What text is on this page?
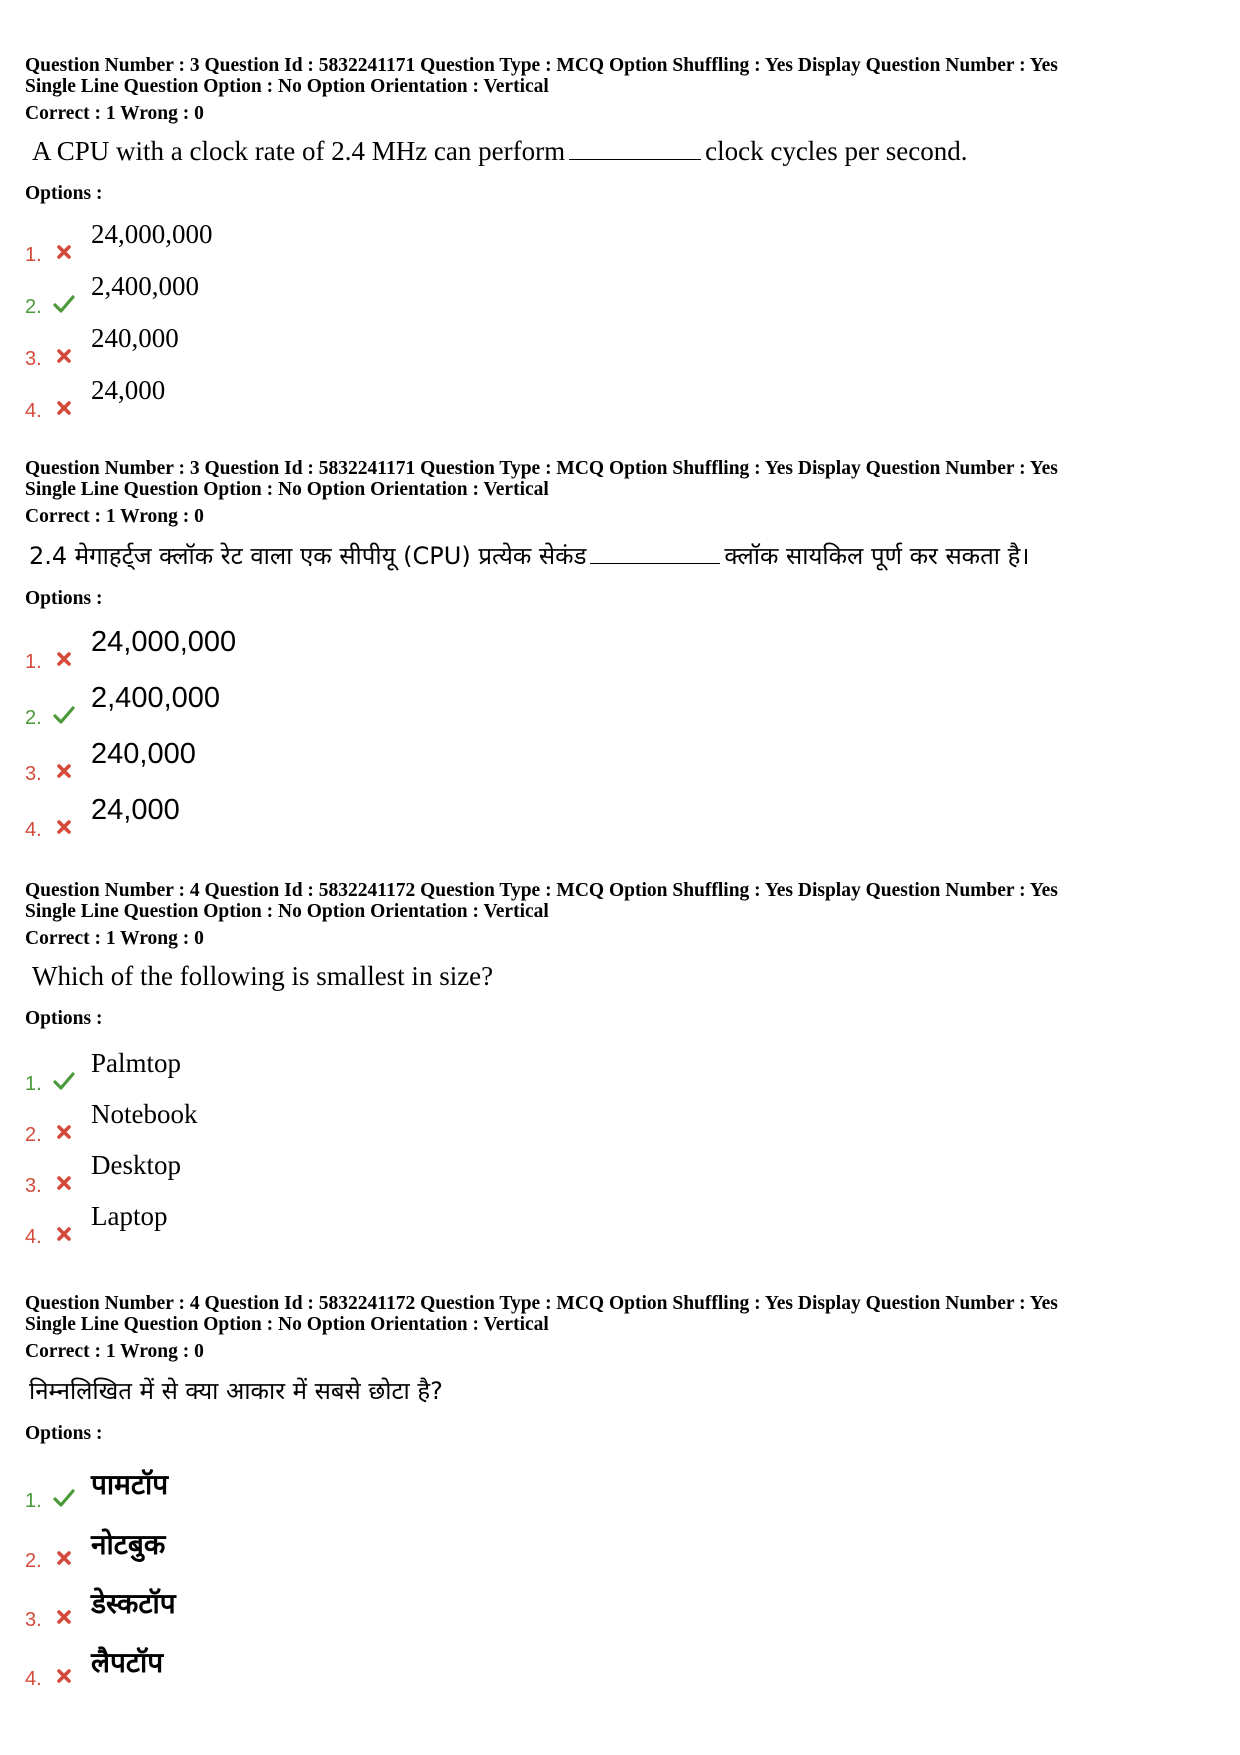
Question Number : 3 Question Id : 5832241171 Question Type : MCQ Option Shuffling : Yes Display Question Number : Yes
Single Line Question Option : No Option Orientation : Vertical
Correct : 1 Wrong : 0
A CPU with a clock rate of 2.4 MHz can perform	clock cycles per second.
Options :
1.
24,000,000
2.
2,400,000
3.
240,000
4.
24,000
Question Number : 3 Question Id : 5832241171 Question Type : MCQ Option Shuffling : Yes Display Question Number : Yes
Single Line Question Option : No Option Orientation : Vertical
Correct : 1 Wrong : 0
2.4 मेगाहर्ट्ज क्लॉक रेट वाला एक सीपीयू (CPU) प्रत्येक सेकंड	क्लॉक सायकिल पूर्ण कर सकता है।
Options :
1.
24,000,000
2.
2,400,000
3.
240,000
4.
24,000
Question Number : 4 Question Id : 5832241172 Question Type : MCQ Option Shuffling : Yes Display Question Number : Yes
Single Line Question Option : No Option Orientation : Vertical
Correct : 1 Wrong : 0
Which of the following is smallest in size?
Options :
1.
Palmtop
2.
Notebook
3.
Desktop
4.
Laptop
Question Number : 4 Question Id : 5832241172 Question Type : MCQ Option Shuffling : Yes Display Question Number : Yes
Single Line Question Option : No Option Orientation : Vertical
Correct : 1 Wrong : 0
निम्नलिखित में से क्या आकार में सबसे छोटा है?
Options :
1. पामटॉप
2. नोटबुक
3. डेस्कटॉप
4. लैपटॉप
